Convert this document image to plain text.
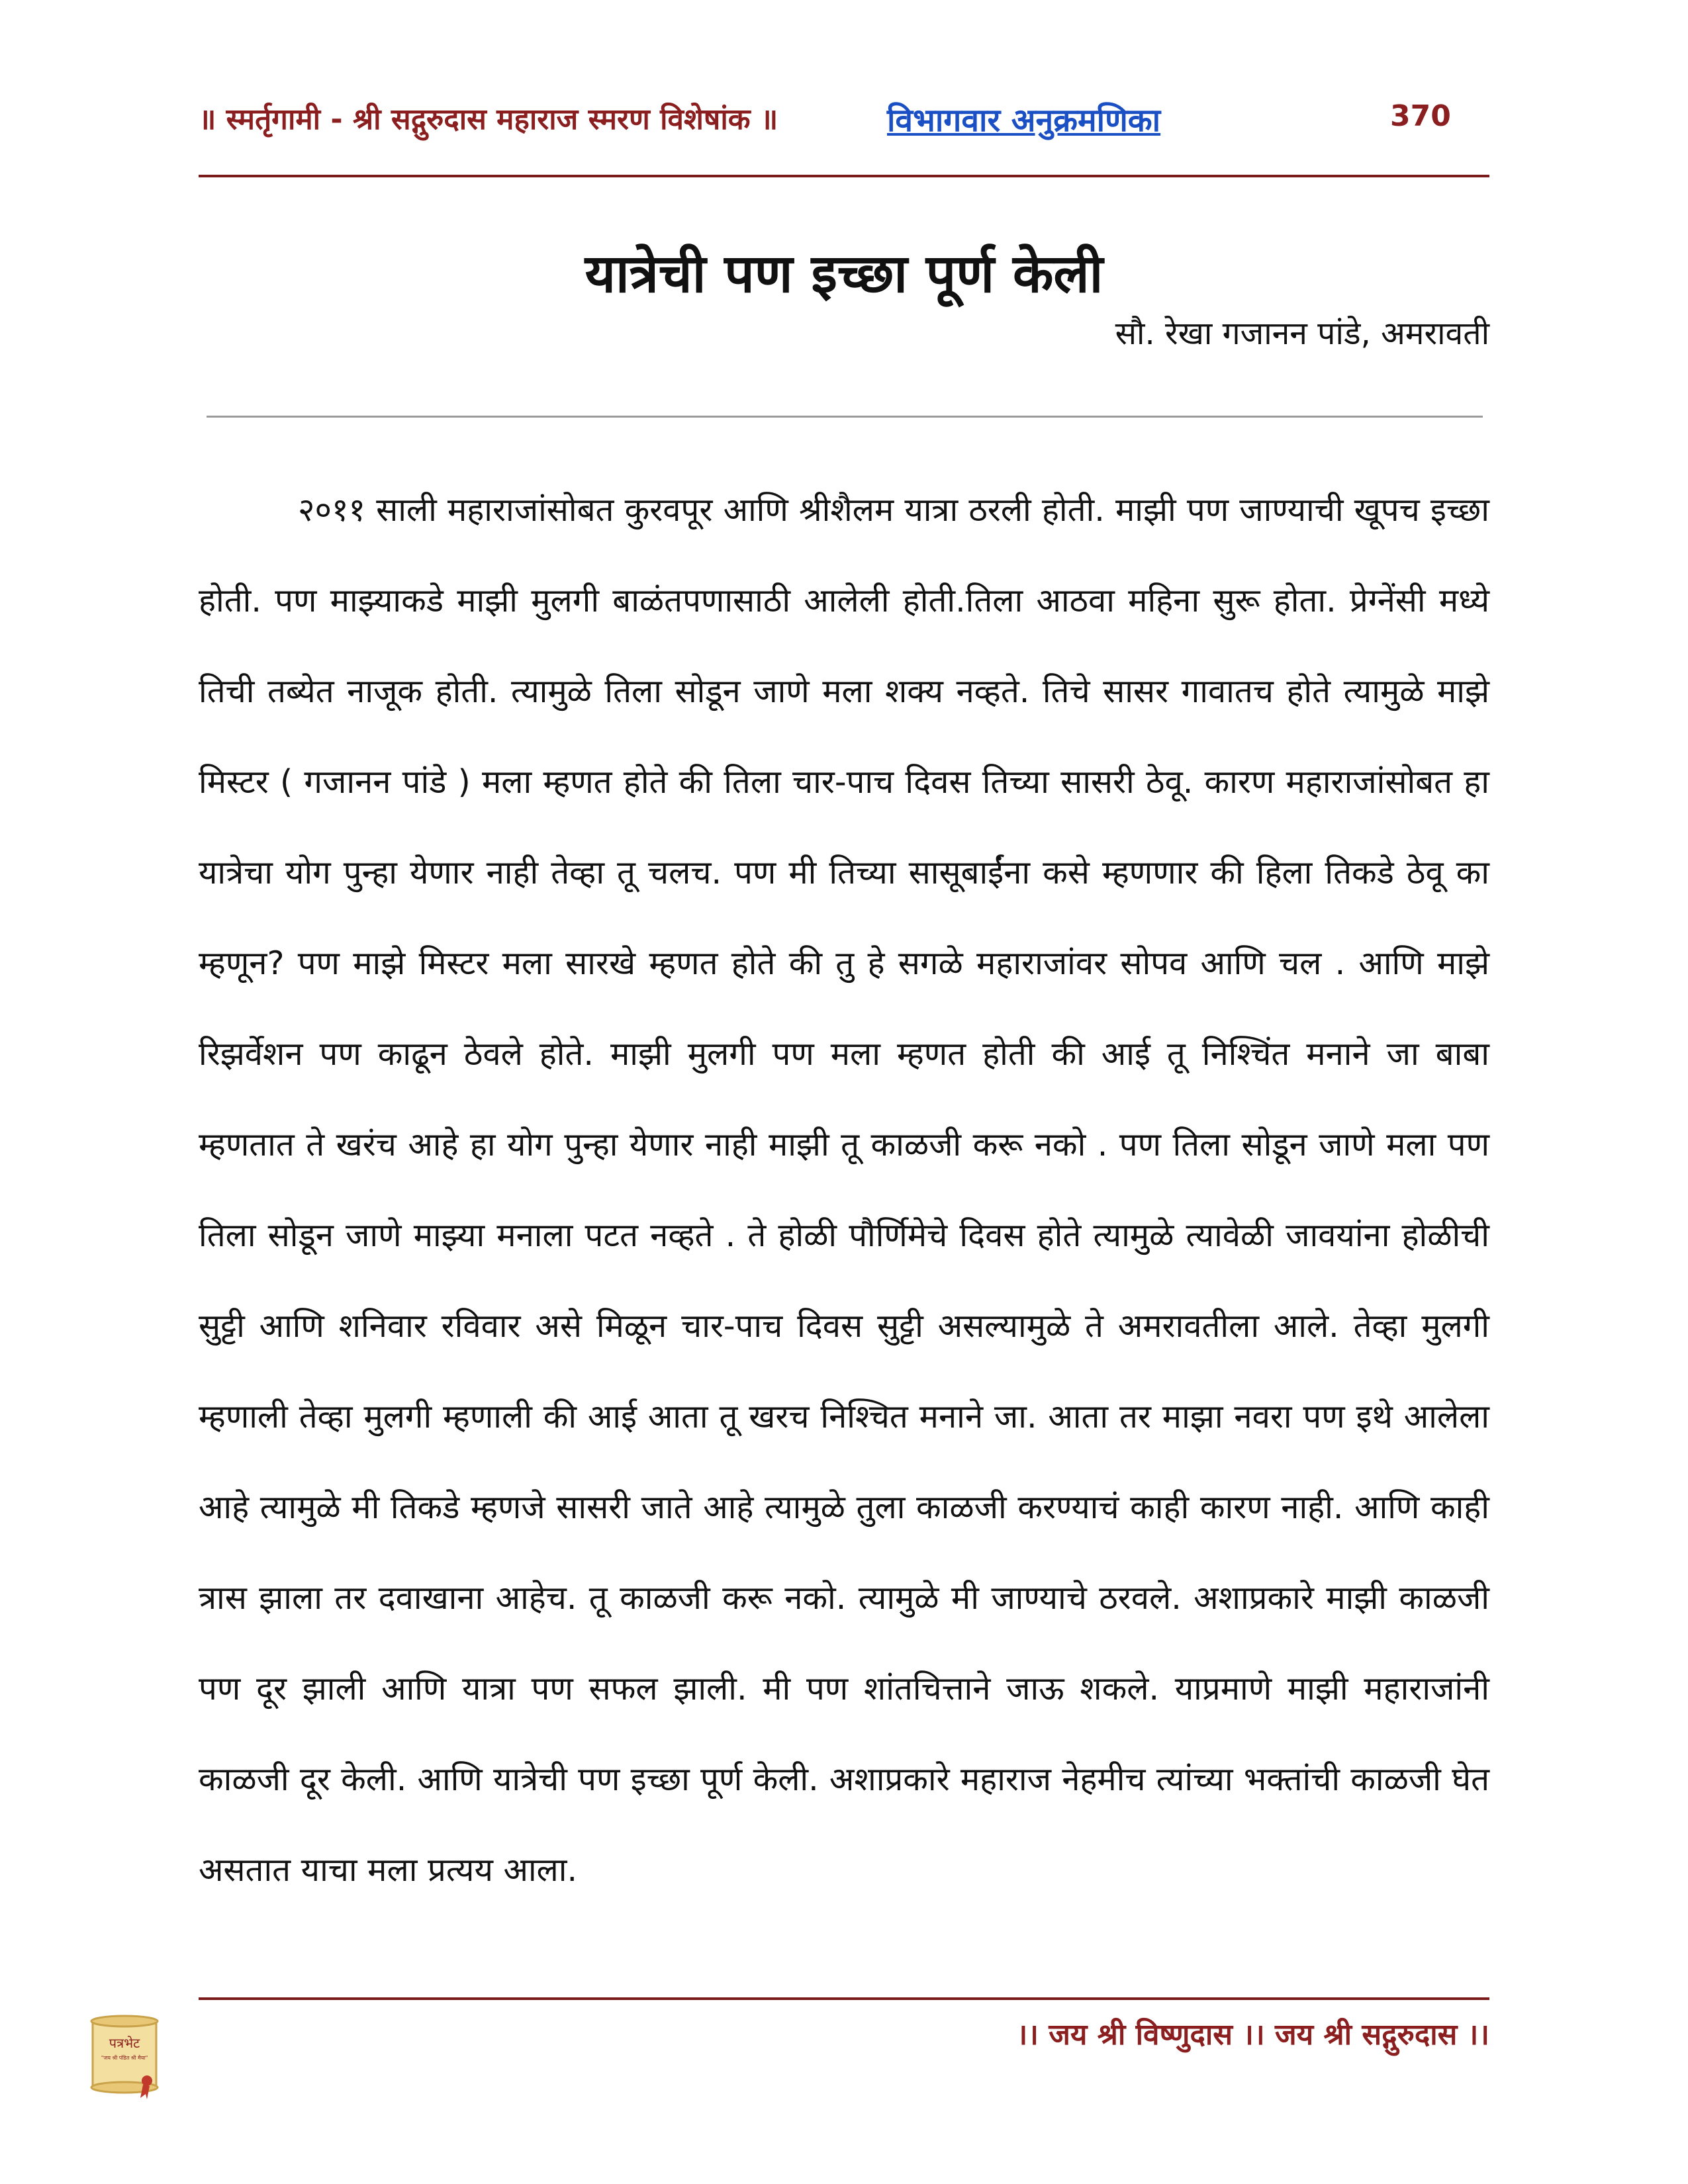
॥ स्मर्तृगामी - श्री सद्गुरुदास महाराज स्मरण विशेषांक ॥	विभागवार अनुक्रमणिका	370
यात्रेची पण इच्छा पूर्ण केली
सौ. रेखा गजानन पांडे, अमरावती

२०११ साली महाराजांसोबत कुरवपूर आणि श्रीशैलम यात्रा ठरली होती. माझी पण जाण्याची खूपच इच्छा होती. पण माझ्याकडे माझी मुलगी बाळंतपणासाठी आलेली होती.तिला आठवा महिना सुरू होता. प्रेग्नेंसी मध्ये तिची तब्येत नाजूक होती. त्यामुळे तिला सोडून जाणे मला शक्य नव्हते. तिचे सासर गावातच होते त्यामुळे माझे मिस्टर ( गजानन पांडे ) मला म्हणत होते की तिला चार-पाच दिवस तिच्या सासरी ठेवू. कारण महाराजांसोबत हा यात्रेचा योग पुन्हा येणार नाही तेव्हा तू चलच. पण मी तिच्या सासूबाईंना कसे म्हणणार की हिला तिकडे ठेवू का म्हणून? पण माझे मिस्टर मला सारखे म्हणत होते की तु हे सगळे महाराजांवर सोपव आणि चल . आणि माझे रिझर्वेशन पण काढून ठेवले होते. माझी मुलगी पण मला म्हणत होती की आई तू निश्चिंत मनाने जा बाबा म्हणतात ते खरंच आहे हा योग पुन्हा येणार नाही माझी तू काळजी करू नको . पण तिला सोडून जाणे मला पण तिला सोडून जाणे माझ्या मनाला पटत नव्हते . ते होळी पौर्णिमेचे दिवस होते त्यामुळे त्यावेळी जावयांना होळीची सुट्टी आणि शनिवार रविवार असे मिळून चार-पाच दिवस सुट्टी असल्यामुळे ते अमरावतीला आले. तेव्हा मुलगी म्हणाली तेव्हा मुलगी म्हणाली की आई आता तू खरच निश्चित मनाने जा. आता तर माझा नवरा पण इथे आलेला आहे त्यामुळे मी तिकडे म्हणजे सासरी जाते आहे त्यामुळे तुला काळजी करण्याचं काही कारण नाही. आणि काही त्रास झाला तर दवाखाना आहेच. तू काळजी करू नको. त्यामुळे मी जाण्याचे ठरवले. अशाप्रकारे माझी काळजी पण दूर झाली आणि यात्रा पण सफल झाली. मी पण शांतचित्ताने जाऊ शकले. याप्रमाणे माझी महाराजांनी काळजी दूर केली. आणि यात्रेची पण इच्छा पूर्ण केली. अशाप्रकारे महाराज नेहमीच त्यांच्या भक्तांची काळजी घेत असतात याचा मला प्रत्यय आला.

।। जय श्री विष्णुदास ।। जय श्री सद्गुरुदास ।।
पत्रभेट
"जय श्री पंडित श्री मैया"
